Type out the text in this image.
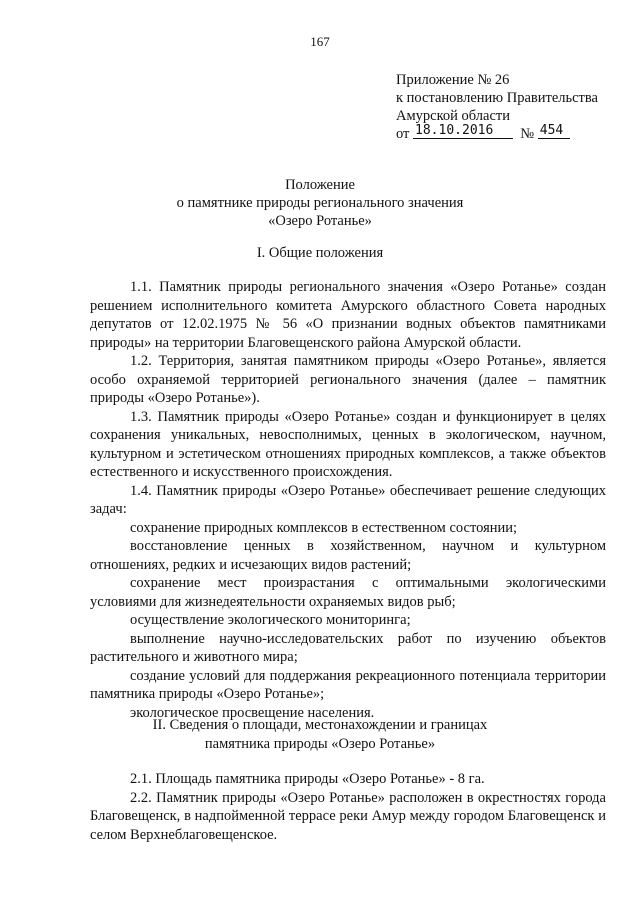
167
Приложение № 26
к постановлению Правительства
Амурской области
от 18.10.2016 № 454
Положение
о памятнике природы регионального значения
«Озеро Ротанье»
I. Общие положения

1.1. Памятник природы регионального значения «Озеро Ротанье» создан решением исполнительного комитета Амурского областного Совета народных депутатов от 12.02.1975 № 56 «О признании водных объектов памятниками природы» на территории Благовещенского района Амурской области.

1.2. Территория, занятая памятником природы «Озеро Ротанье», является особо охраняемой территорией регионального значения (далее – памятник природы «Озеро Ротанье»).

1.3. Памятник природы «Озеро Ротанье» создан и функционирует в целях сохранения уникальных, невосполнимых, ценных в экологическом, научном, культурном и эстетическом отношениях природных комплексов, а также объектов естественного и искусственного происхождения.

1.4. Памятник природы «Озеро Ротанье» обеспечивает решение следующих задач:

сохранение природных комплексов в естественном состоянии;

восстановление ценных в хозяйственном, научном и культурном отношениях, редких и исчезающих видов растений;

сохранение мест произрастания с оптимальными экологическими условиями для жизнедеятельности охраняемых видов рыб;

осуществление экологического мониторинга;

выполнение научно-исследовательских работ по изучению объектов растительного и животного мира;

создание условий для поддержания рекреационного потенциала территории памятника природы «Озеро Ротанье»;

экологическое просвещение населения.

II. Сведения о площади, местонахождении и границах
памятника природы «Озеро Ротанье»

2.1. Площадь памятника природы «Озеро Ротанье» - 8 га.

2.2. Памятник природы «Озеро Ротанье» расположен в окрестностях города Благовещенск, в надпойменной террасе реки Амур между городом Благовещенск и селом Верхнеблаговещенское.
